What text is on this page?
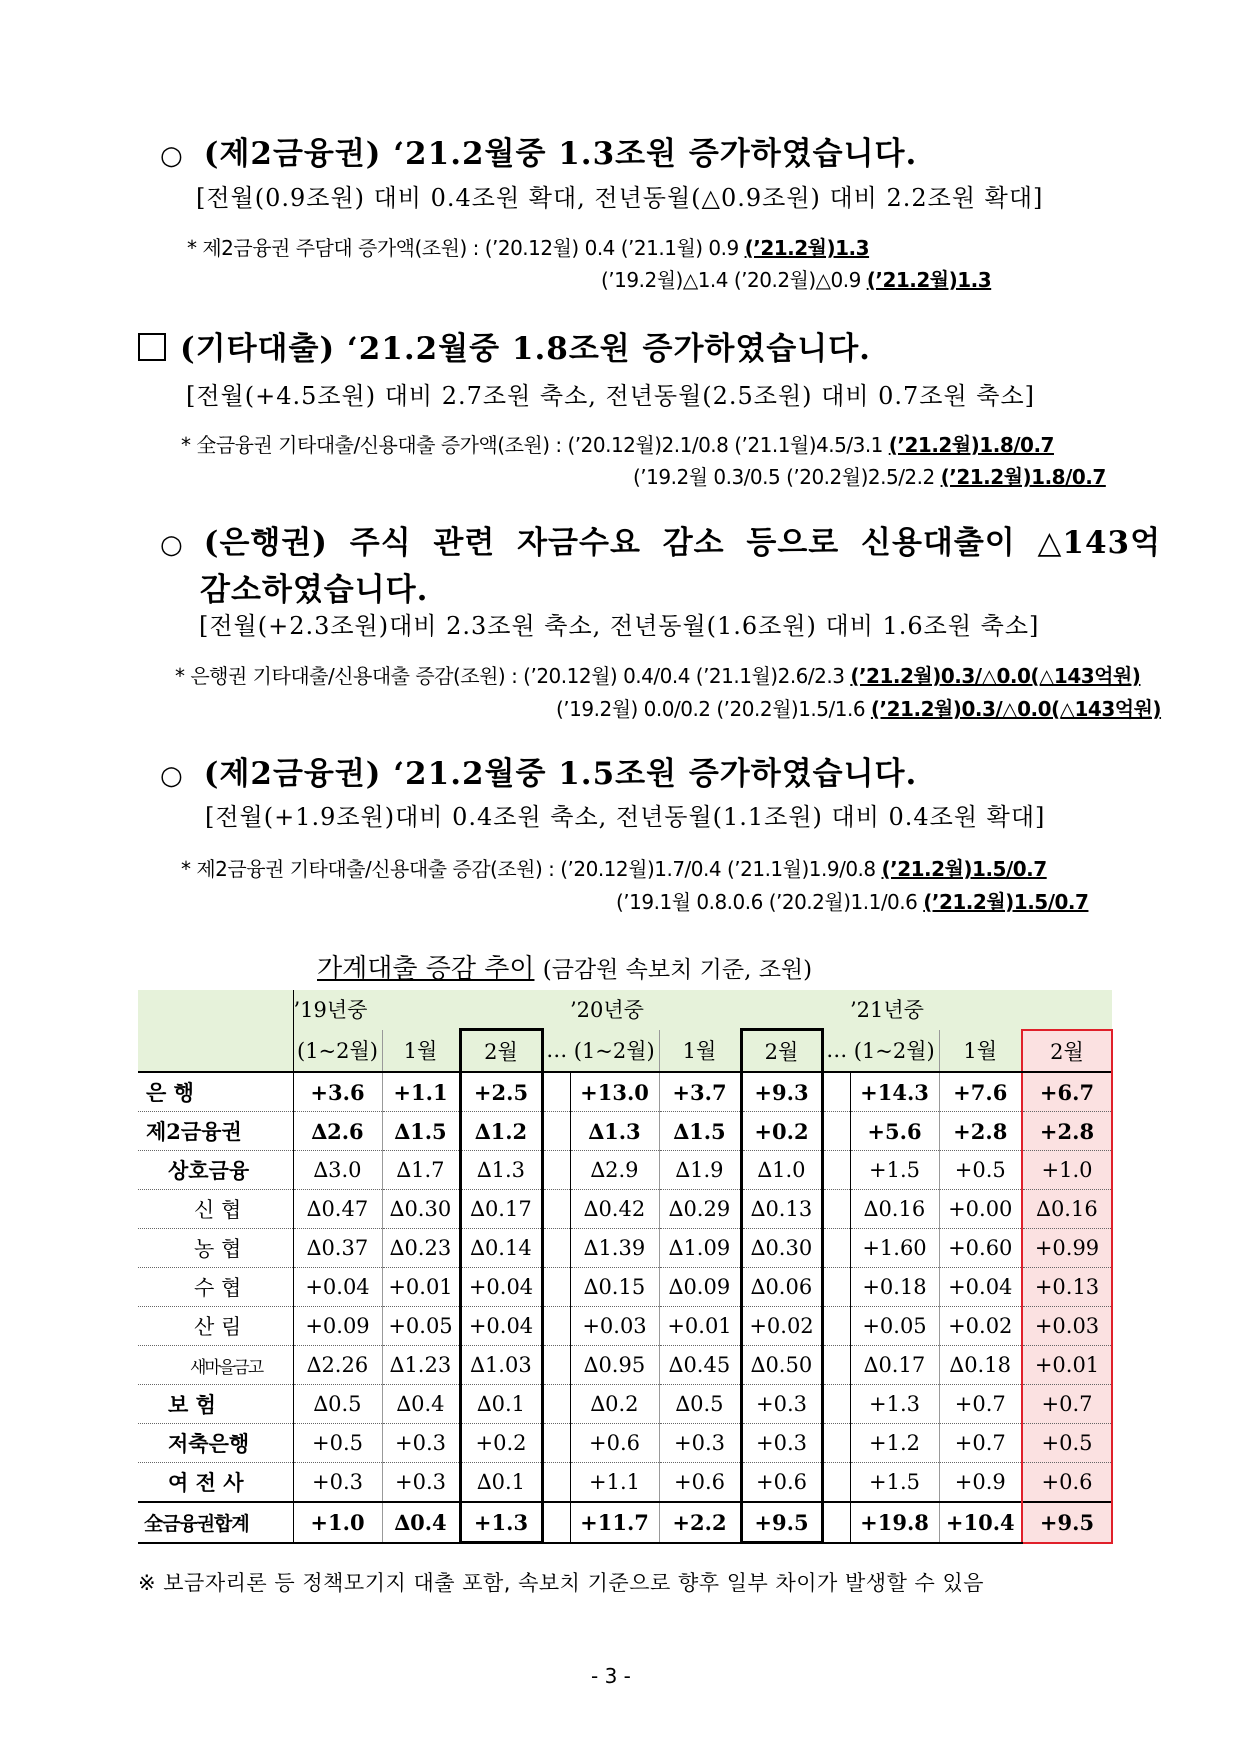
○ (제2금융권) ‘21.2월중 1.3조원 증가하였습니다.
[전월(0.9조원) 대비 0.4조원 확대, 전년동월(△0.9조원) 대비 2.2조원 확대]
* 제2금융권 주담대 증가액(조원) : (’20.12월) 0.4 (’21.1월) 0.9 (’21.2월)1.3
(’19.2월)△1.4 (’20.2월)△0.9 (’21.2월)1.3
(기타대출) ‘21.2월중 1.8조원 증가하였습니다.
[전월(+4.5조원) 대비 2.7조원 축소, 전년동월(2.5조원) 대비 0.7조원 축소]
* 全금융권 기타대출/신용대출 증가액(조원) : (’20.12월)2.1/0.8 (’21.1월)4.5/3.1 (’21.2월)1.8/0.7
(’19.2월 0.3/0.5 (’20.2월)2.5/2.2 (’21.2월)1.8/0.7
○ (은행권) 주식 관련 자금수요 감소 등으로 신용대출이 △143억
감소하였습니다.
[전월(+2.3조원)대비 2.3조원 축소, 전년동월(1.6조원) 대비 1.6조원 축소]
* 은행권 기타대출/신용대출 증감(조원) : (’20.12월) 0.4/0.4 (’21.1월)2.6/2.3 (’21.2월)0.3/△0.0(△143억원)
(’19.2월) 0.0/0.2 (’20.2월)1.5/1.6 (’21.2월)0.3/△0.0(△143억원)
○ (제2금융권) ‘21.2월중 1.5조원 증가하였습니다.
[전월(+1.9조원)대비 0.4조원 축소, 전년동월(1.1조원) 대비 0.4조원 확대]
* 제2금융권 기타대출/신용대출 증감(조원) : (’20.12월)1.7/0.4 (’21.1월)1.9/0.8 (’21.2월)1.5/0.7
(’19.1월 0.8.0.6 (’20.2월)1.1/0.6 (’21.2월)1.5/0.7
가계대출 증감 추이 (금감원 속보치 기준, 조원)
	’19년중				’20년중				’21년중		
	(1~2월)	1월	2월	…	(1~2월)	1월	2월	…	(1~2월)	1월	2월
은 행	+3.6	+1.1	+2.5		+13.0	+3.7	+9.3		+14.3	+7.6	+6.7
제2금융권	∆2.6	∆1.5	∆1.2		∆1.3	∆1.5	+0.2		+5.6	+2.8	+2.8
상호금융	∆3.0	∆1.7	∆1.3		∆2.9	∆1.9	∆1.0		+1.5	+0.5	+1.0
신 협	∆0.47	∆0.30	∆0.17		∆0.42	∆0.29	∆0.13		∆0.16	+0.00	∆0.16
농 협	∆0.37	∆0.23	∆0.14		∆1.39	∆1.09	∆0.30		+1.60	+0.60	+0.99
수 협	+0.04	+0.01	+0.04		∆0.15	∆0.09	∆0.06		+0.18	+0.04	+0.13
산 림	+0.09	+0.05	+0.04		+0.03	+0.01	+0.02		+0.05	+0.02	+0.03
새마을금고	∆2.26	∆1.23	∆1.03		∆0.95	∆0.45	∆0.50		∆0.17	∆0.18	+0.01
보 험	∆0.5	∆0.4	∆0.1		∆0.2	∆0.5	+0.3		+1.3	+0.7	+0.7
저축은행	+0.5	+0.3	+0.2		+0.6	+0.3	+0.3		+1.2	+0.7	+0.5
여 전 사	+0.3	+0.3	∆0.1		+1.1	+0.6	+0.6		+1.5	+0.9	+0.6
全금융권합계	+1.0	∆0.4	+1.3		+11.7	+2.2	+9.5		+19.8	+10.4	+9.5
※ 보금자리론 등 정책모기지 대출 포함, 속보치 기준으로 향후 일부 차이가 발생할 수 있음
- 3 -
